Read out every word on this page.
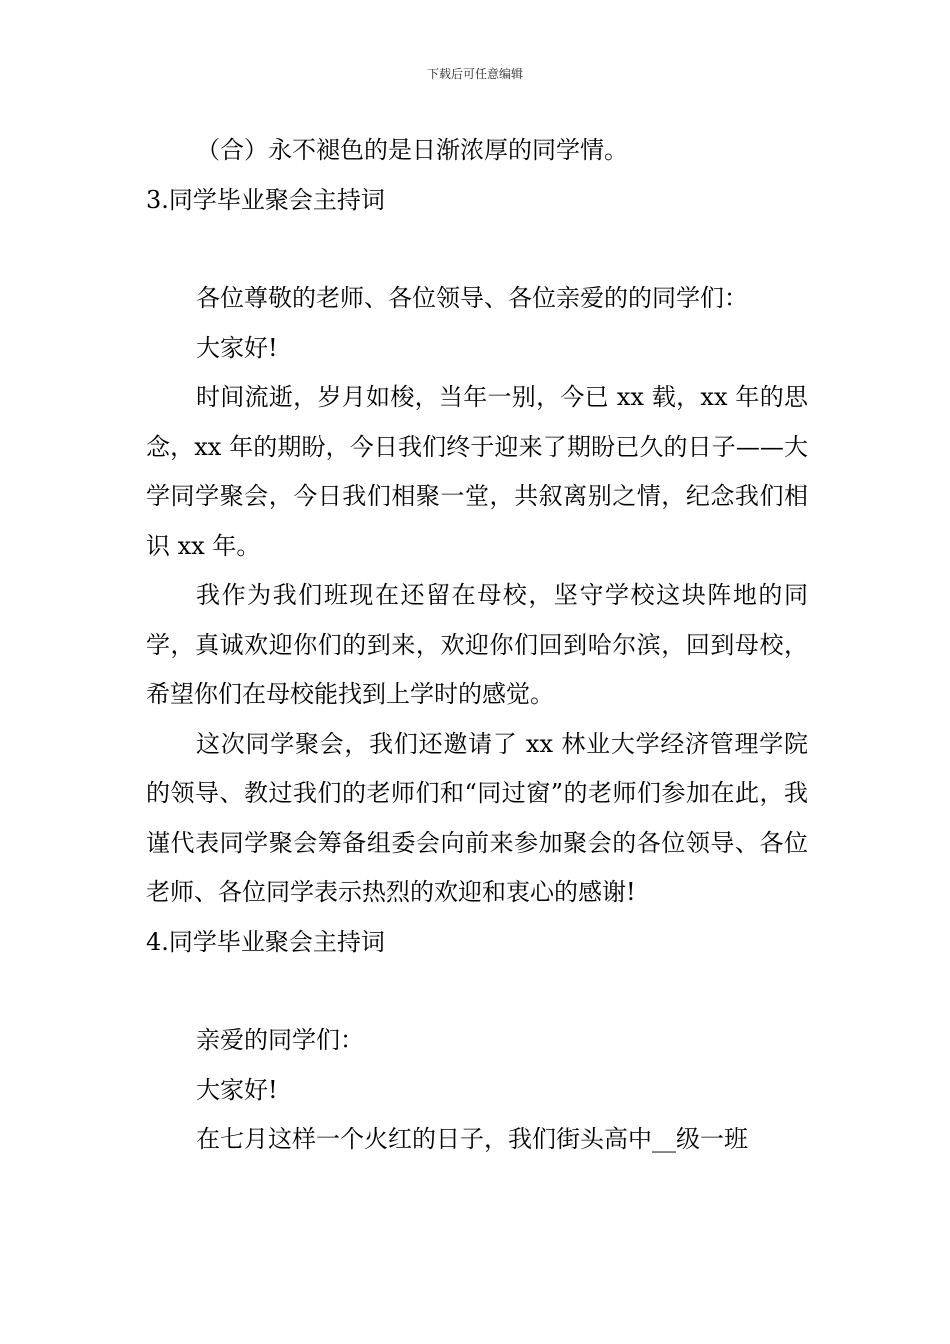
下载后可任意编辑

（合）永不褪色的是日渐浓厚的同学情。

3.同学毕业聚会主持词

各位尊敬的老师、各位领导、各位亲爱的的同学们：

大家好!

时间流逝，岁月如梭，当年一别，今已 xx 载，xx 年的思念，xx 年的期盼，今日我们终于迎来了期盼已久的日子——大学同学聚会，今日我们相聚一堂，共叙离别之情，纪念我们相识 xx 年。

我作为我们班现在还留在母校，坚守学校这块阵地的同学，真诚欢迎你们的到来，欢迎你们回到哈尔滨，回到母校，希望你们在母校能找到上学时的感觉。

这次同学聚会，我们还邀请了 xx 林业大学经济管理学院的领导、教过我们的老师们和“同过窗”的老师们参加在此，我谨代表同学聚会筹备组委会向前来参加聚会的各位领导、各位老师、各位同学表示热烈的欢迎和衷心的感谢!

4.同学毕业聚会主持词

亲爱的同学们：

大家好!

在七月这样一个火红的日子，我们街头高中__级一班
